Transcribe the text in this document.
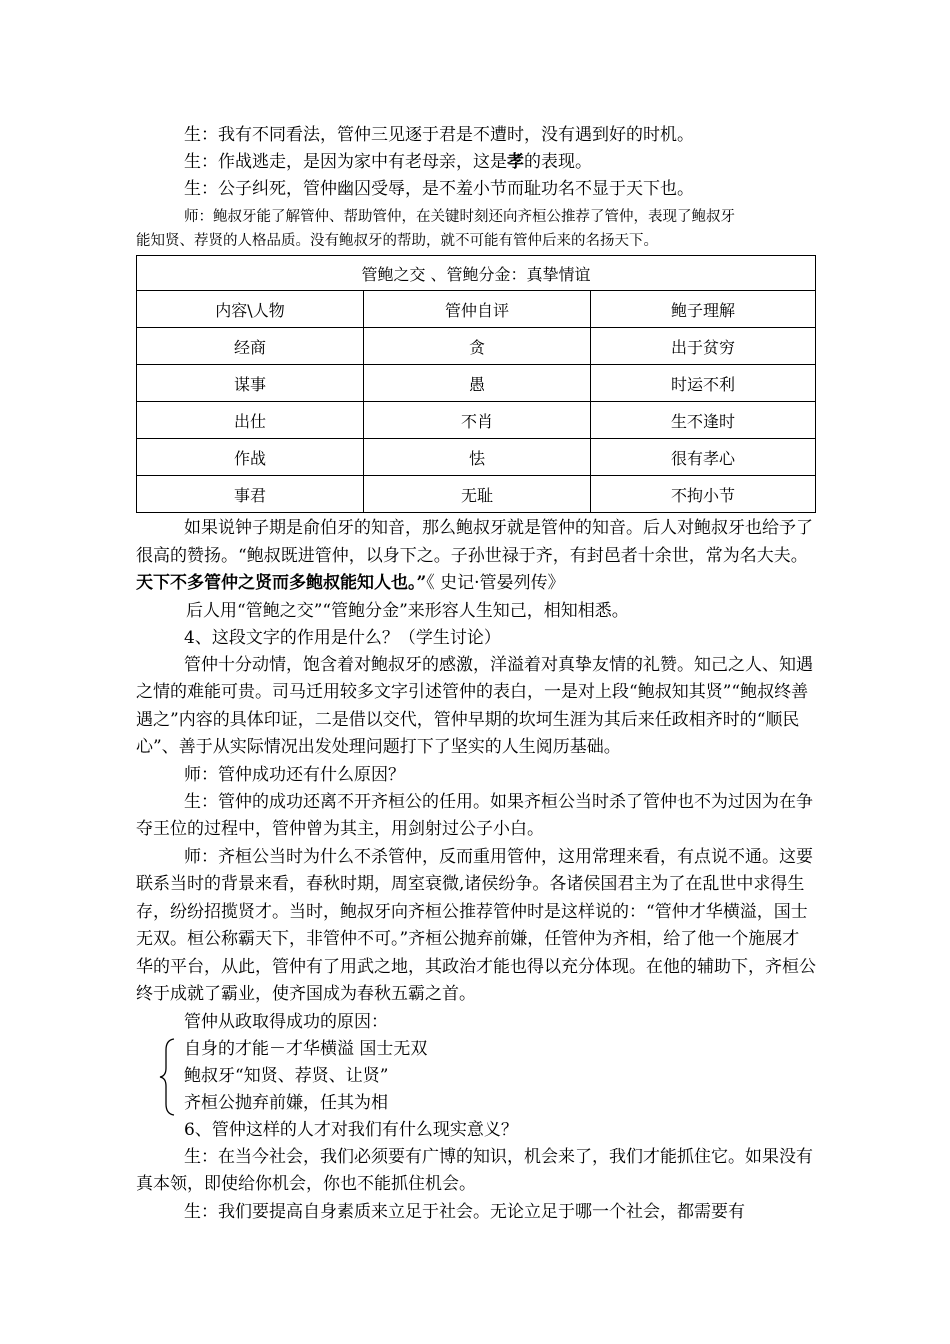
生：我有不同看法，管仲三见逐于君是不遭时，没有遇到好的时机。
生：作战逃走，是因为家中有老母亲，这是孝的表现。
生：公子纠死，管仲幽囚受辱，是不羞小节而耻功名不显于天下也。
师：鲍叔牙能了解管仲、帮助管仲，在关键时刻还向齐桓公推荐了管仲，表现了鲍叔牙
能知贤、荐贤的人格品质。没有鲍叔牙的帮助，就不可能有管仲后来的名扬天下。
管鲍之交 、管鲍分金：真挚情谊		
内容\人物	管仲自评	鲍子理解
经商	贪	出于贫穷
谋事	愚	时运不利
出仕	不肖	生不逢时
作战	怯	很有孝心
事君	无耻	不拘小节
如果说钟子期是俞伯牙的知音，那么鲍叔牙就是管仲的知音。后人对鲍叔牙也给予了很高的赞扬。“鲍叔既进管仲，以身下之。子孙世禄于齐，有封邑者十余世，常为名大夫。天下不多管仲之贤而多鲍叔能知人也。”《 史记·管晏列传》
后人用“管鲍之交”“管鲍分金”来形容人生知己，相知相悉。
4、这段文字的作用是什么？（学生讨论）
管仲十分动情，饱含着对鲍叔牙的感激，洋溢着对真挚友情的礼赞。知己之人、知遇之情的难能可贵。司马迁用较多文字引述管仲的表白，一是对上段“鲍叔知其贤”“鲍叔终善遇之”内容的具体印证，二是借以交代，管仲早期的坎坷生涯为其后来任政相齐时的“顺民心”、善于从实际情况出发处理问题打下了坚实的人生阅历基础。
师：管仲成功还有什么原因？
生：管仲的成功还离不开齐桓公的任用。如果齐桓公当时杀了管仲也不为过因为在争夺王位的过程中，管仲曾为其主，用剑射过公子小白。
师：齐桓公当时为什么不杀管仲，反而重用管仲，这用常理来看，有点说不通。这要联系当时的背景来看，春秋时期，周室衰微,诸侯纷争。各诸侯国君主为了在乱世中求得生存，纷纷招揽贤才。当时，鲍叔牙向齐桓公推荐管仲时是这样说的：“管仲才华横溢，国士无双。桓公称霸天下，非管仲不可。”齐桓公抛弃前嫌，任管仲为齐相，给了他一个施展才华的平台，从此，管仲有了用武之地，其政治才能也得以充分体现。在他的辅助下，齐桓公终于成就了霸业，使齐国成为春秋五霸之首。
管仲从政取得成功的原因：
自身的才能－才华横溢 国士无双
鲍叔牙“知贤、荐贤、让贤”
齐桓公抛弃前嫌，任其为相
6、管仲这样的人才对我们有什么现实意义？
生：在当今社会，我们必须要有广博的知识，机会来了，我们才能抓住它。如果没有真本领，即使给你机会，你也不能抓住机会。
生：我们要提高自身素质来立足于社会。无论立足于哪一个社会，都需要有
